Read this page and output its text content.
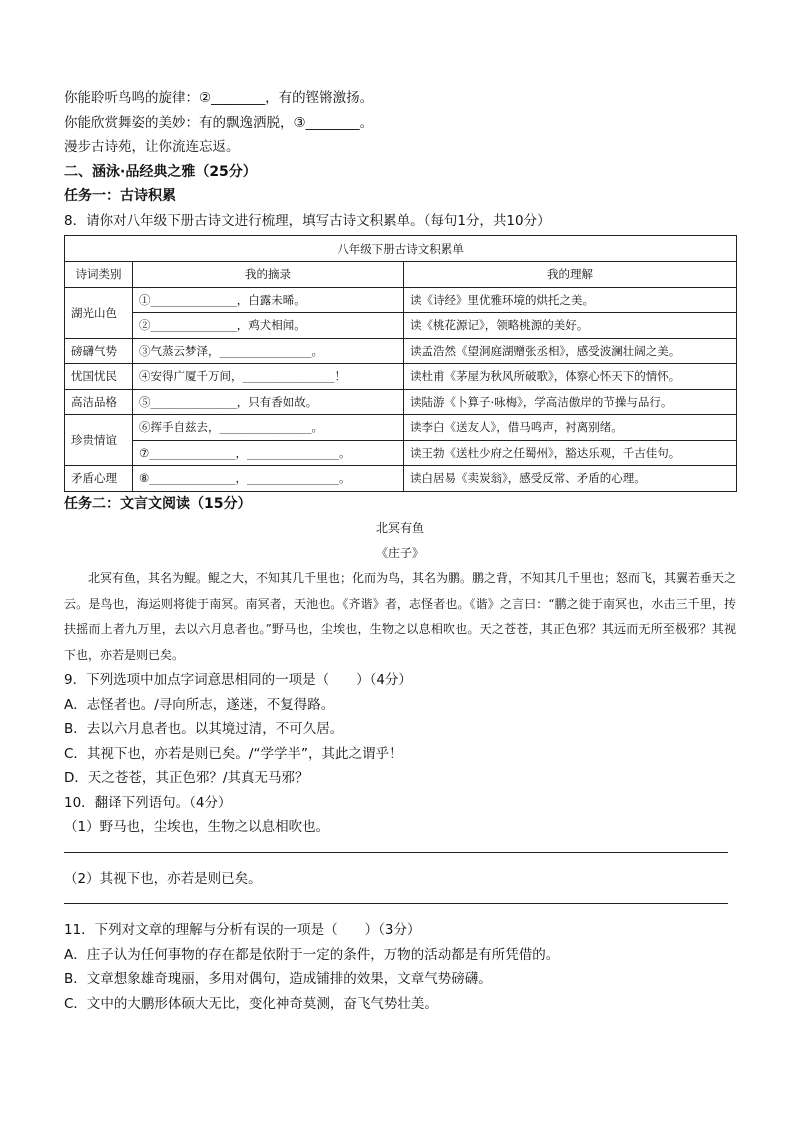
你能聆听鸟鸣的旋律：②________，有的铿锵激扬。
你能欣赏舞姿的美妙：有的飘逸洒脱，③________。
漫步古诗苑，让你流连忘返。
二、涵泳·品经典之雅（25分）
任务一：古诗积累
8．请你对八年级下册古诗文进行梳理，填写古诗文积累单。（每句1分，共10分）
八年级下册古诗文积累单		
诗词类别	我的摘录	我的理解
湖光山色	①_______________，白露未晞。	读《诗经》里优雅环境的烘托之美。
	②_______________，鸡犬相闻。	读《桃花源记》，领略桃源的美好。
磅礴气势	③气蒸云梦泽，________________。	读孟浩然《望洞庭湖赠张丞相》，感受波澜壮阔之美。
忧国忧民	④安得广厦千万间，________________！	读杜甫《茅屋为秋风所破歌》，体察心怀天下的情怀。
高洁品格	⑤_______________，只有香如故。	读陆游《卜算子·咏梅》，学高洁傲岸的节操与品行。
珍贵情谊	⑥挥手自兹去，________________。	读李白《送友人》，借马鸣声，衬离别绪。
	⑦_______________，________________。	读王勃《送杜少府之任蜀州》，豁达乐观，千古佳句。
矛盾心理	⑧_______________，________________。	读白居易《卖炭翁》，感受反常、矛盾的心理。
任务二：文言文阅读（15分）
北冥有鱼
《庄子》
北冥有鱼，其名为鲲。鲲之大，不知其几千里也；化而为鸟，其名为鹏。鹏之背，不知其几千里也；怒而飞，其翼若垂天之云。是鸟也，海运则将徙于南冥。南冥者，天池也。《齐谐》者，志怪者也。《谐》之言曰：“鹏之徙于南冥也，水击三千里，抟扶摇而上者九万里，去以六月息者也。”野马也，尘埃也，生物之以息相吹也。天之苍苍，其正色邪？其远而无所至极邪？其视下也，亦若是则已矣。
9．下列选项中加点字词意思相同的一项是（　　）（4分）
A．志怪者也。/寻向所志，遂迷，不复得路。
B．去以六月息者也。以其境过清，不可久居。
C．其视下也，亦若是则已矣。/“学学半”，其此之谓乎！
D．天之苍苍，其正色邪？/其真无马邪？
10．翻译下列语句。（4分）
（1）野马也，尘埃也，生物之以息相吹也。
（2）其视下也，亦若是则已矣。
11．下列对文章的理解与分析有误的一项是（　　）（3分）
A．庄子认为任何事物的存在都是依附于一定的条件，万物的活动都是有所凭借的。
B．文章想象雄奇瑰丽，多用对偶句，造成铺排的效果，文章气势磅礴。
C．文中的大鹏形体硕大无比，变化神奇莫测，奋飞气势壮美。
